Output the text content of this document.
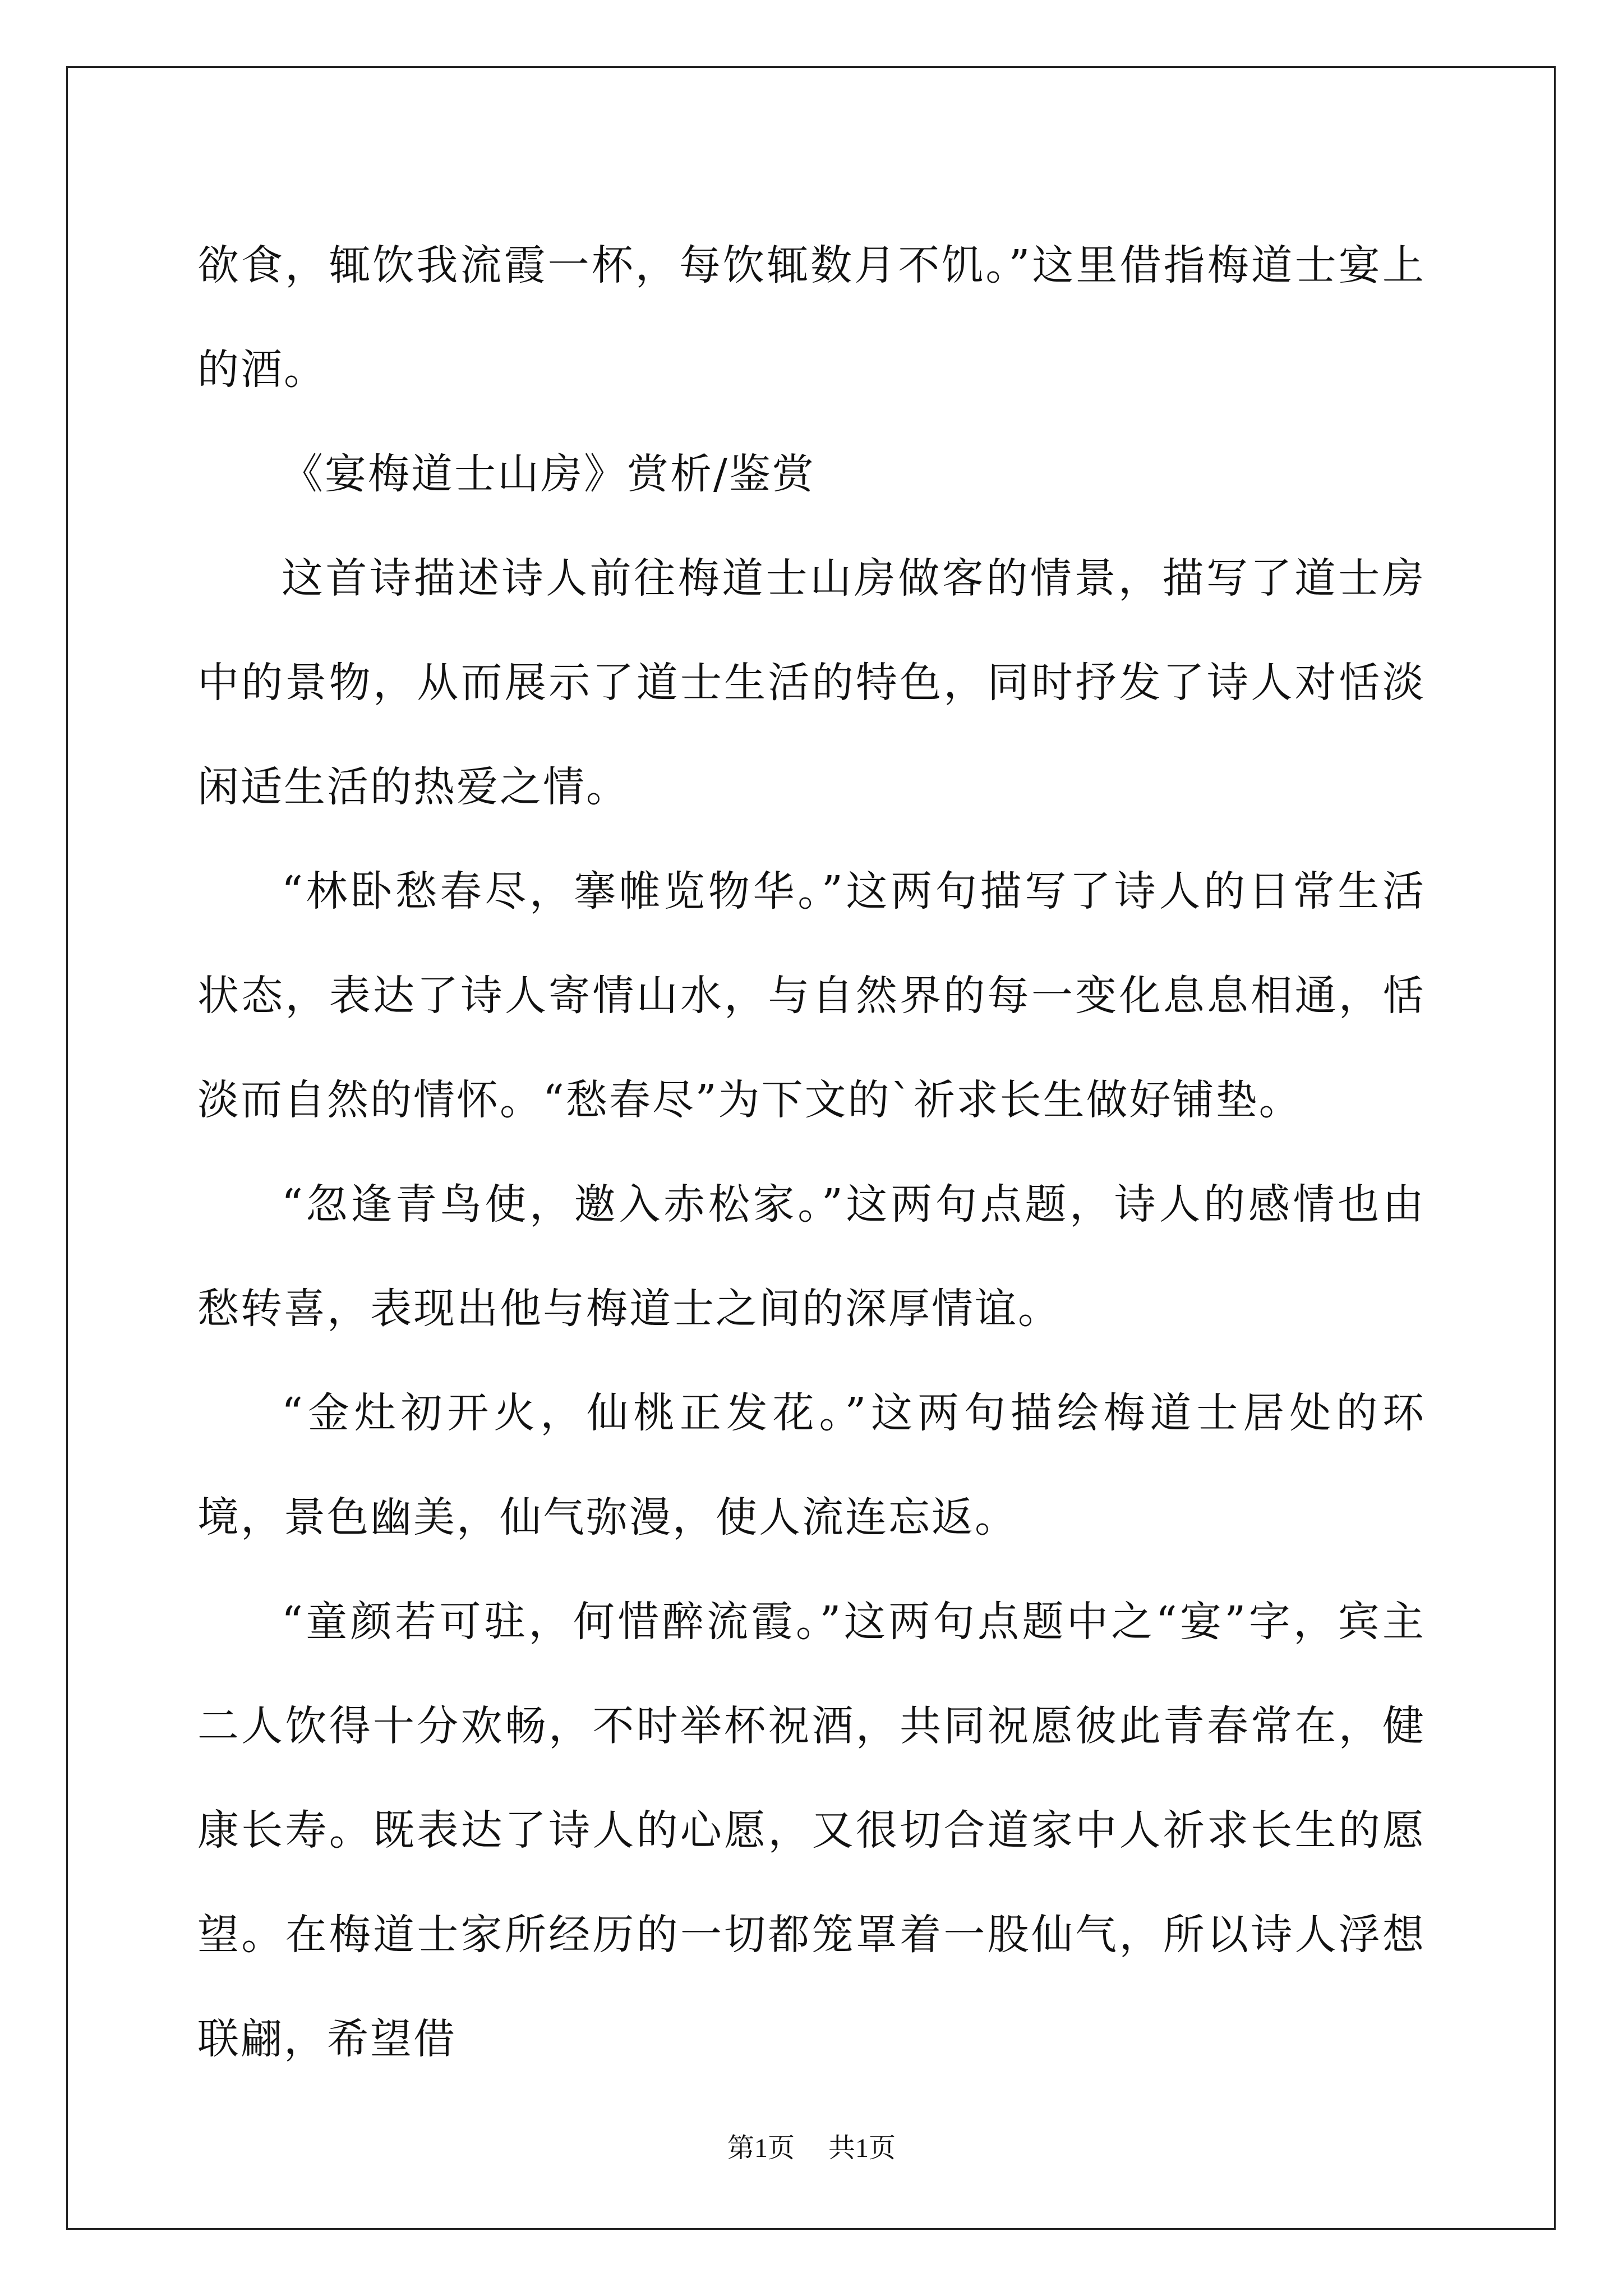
欲食，辄饮我流霞一杯，每饮辄数月不饥。”这里借指梅道士宴上的酒。

《宴梅道士山房》赏析/鉴赏

这首诗描述诗人前往梅道士山房做客的情景，描写了道士房中的景物，从而展示了道士生活的特色，同时抒发了诗人对恬淡闲适生活的热爱之情。

“林卧愁春尽，搴帷览物华。”这两句描写了诗人的日常生活状态，表达了诗人寄情山水，与自然界的每一变化息息相通，恬淡而自然的情怀。“愁春尽”为下文的`祈求长生做好铺垫。

“忽逢青鸟使，邀入赤松家。”这两句点题，诗人的感情也由愁转喜，表现出他与梅道士之间的深厚情谊。

“金灶初开火，仙桃正发花。”这两句描绘梅道士居处的环境，景色幽美，仙气弥漫，使人流连忘返。

“童颜若可驻，何惜醉流霞。”这两句点题中之“宴”字，宾主二人饮得十分欢畅，不时举杯祝酒，共同祝愿彼此青春常在，健康长寿。既表达了诗人的心愿，又很切合道家中人祈求长生的愿望。在梅道士家所经历的一切都笼罩着一股仙气，所以诗人浮想联翩，希望借

第1页 共1页
